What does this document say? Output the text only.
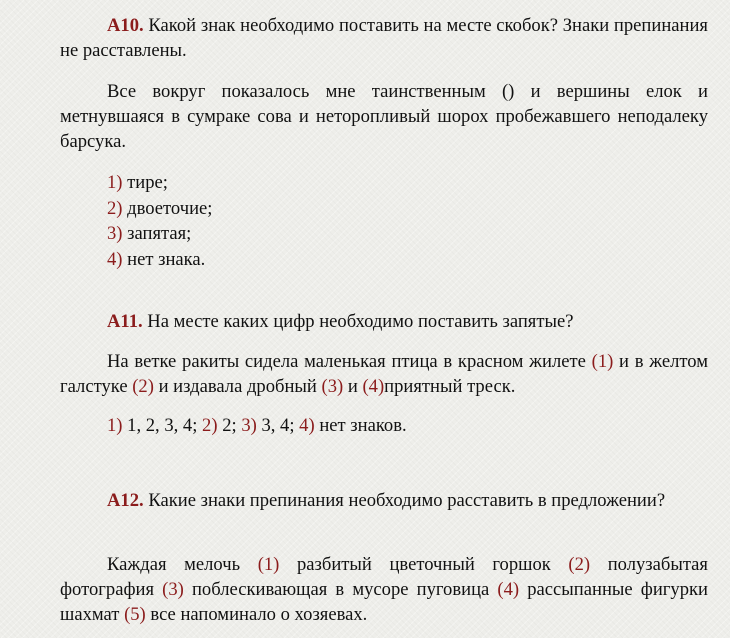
А10. Какой знак необходимо поставить на месте скобок? Знаки препинания не расставлены.

Все вокруг показалось мне таинственным () и вершины елок и метнувшаяся в сумраке сова и неторопливый шорох пробежавшего неподалеку барсука.

1) тире;
2) двоеточие;
3) запятая;
4) нет знака.

А11. На месте каких цифр необходимо поставить запятые?

На ветке ракиты сидела маленькая птица в красном жилете (1) и в желтом галстуке (2) и издавала дробный (3) и (4)приятный треск.

1) 1, 2, 3, 4; 2) 2; 3) 3, 4; 4) нет знаков.

А12. Какие знаки препинания необходимо расставить в предложении?

Каждая мелочь (1) разбитый цветочный горшок (2) полузабытая фотография (3) поблескивающая в мусоре пуговица (4) рассыпанные фигурки шахмат (5) все напоминало о хозяевах.
